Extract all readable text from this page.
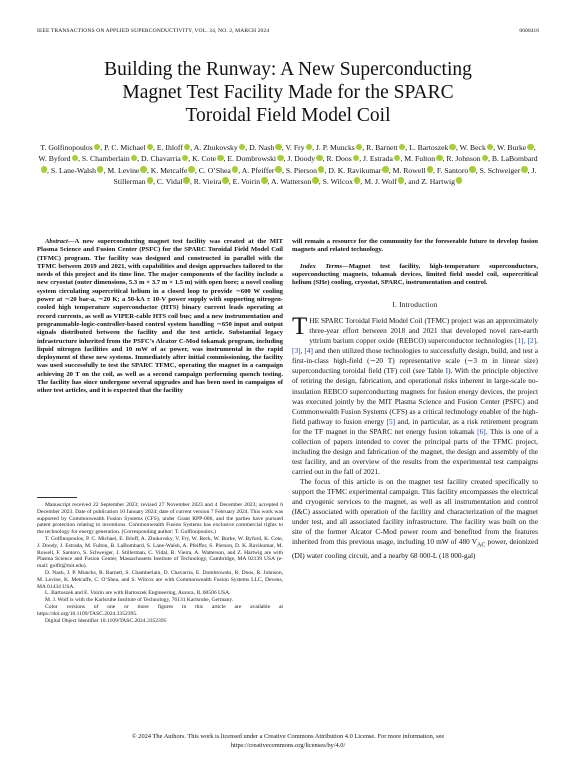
IEEE TRANSACTIONS ON APPLIED SUPERCONDUCTIVITY, VOL. 34, NO. 2, MARCH 2024	0600416
Building the Runway: A New Superconducting
Magnet Test Facility Made for the SPARC
Toroidal Field Model Coil
T. Golfinopoulos , P. C. Michael , E. Ihloff , A. Zhukovsky , D. Nash , V. Fry , J. P. Muncks , R. Barnett , L. Bartoszek , W. Beck , W. Burke , W. Byford , S. Chamberlain , D. Chavarria , K. Cote , E. Dombrowski , J. Doody , R. Doos , J. Estrada , M. Fulton , R. Johnson , B. LaBombard, S. Lane-Walsh , M. Levine , K. Metcalfe , C. O’Shea , A. Pfeiffer , S. Pierson , D. K. Ravikumar , M. Rowell , F. Santoro , S. Schweiger , J. Stillerman , C. Vidal , R. Vieira , E. Voirin , A. Watterson , S. Wilcox , M. J. Wolf , and Z. Hartwig

Abstract—A new superconducting magnet test facility was created at the MIT Plasma Science and Fusion Center (PSFC) for the SPARC Toroidal Field Model Coil (TFMC) program. The facility was designed and constructed in parallel with the TFMC between 2019 and 2021, with capabilities and design approaches tailored to the needs of this project and its time line. The major components of the facility include a new cryostat (outer dimensions, 5.3 m × 3.7 m × 1.5 m) with open bore; a novel cooling system circulating supercritical helium in a closed loop to provide ∼600 W cooling power at ∼20 bar-a, ∼20 K; a 50-kA ± 10-V power supply with supporting nitrogen-cooled high temperature superconductor (HTS) binary current leads operating at record currents, as well as VIPER-cable HTS coil bus; and a new instrumentation and programmable-logic-controller-based control system handling ∼650 input and output signals distributed between the facility and the test article. Substantial legacy infrastructure inherited from the PSFC’s Alcator C-Mod tokamak program, including liquid nitrogen facilities and 10 mW of ac power, was instrumental in the rapid deployment of these new systems. Immediately after initial commissioning, the facility was used successfully to test the SPARC TFMC, operating the magnet in a campaign achieving 20 T on the coil, as well as a second campaign performing quench testing. The facility has since undergone several upgrades and has been used in campaigns of other test articles, and it is expected that the facility

Manuscript received 22 September 2023; revised 27 November 2023 and 4 December 2023; accepted 6 December 2023. Date of publication 10 January 2024; date of current version 7 February 2024. This work was supported by Commonwealth Fusion Systems (CFS), under Grant RPP-006, and the parties have pursued patent protection relating to inventions. Commonwealth Fusion Systems has exclusive commercial rights to the technology for energy generation. (Corresponding author: T. Golfinopoulos.)

T. Golfinopoulos, P. C. Michael, E. Ihloff, A. Zhukovsky, V. Fry, W. Beck, W. Burke, W. Byford, K. Cote, J. Doody, J. Estrada, M. Fulton, B. LaBombard, S. Lane-Walsh, A. Pfeiffer, S. Pierson, D. K. Ravikumar, M. Rowell, F. Santoro, S. Schweiger, J. Stillerman, C. Vidal, R. Vieira, A. Watterson, and Z. Hartwig are with Plasma Science and Fusion Center, Massachusetts Institute of Technology, Cambridge, MA 02139 USA (e-mail: golfit@mit.edu).

D. Nash, J. P. Muncks, R. Barnett, S. Chamberlain, D. Chavarria, E. Dombrowski, R. Doos, R. Johnson, M. Levine, K. Metcalfe, C. O’Shea, and S. Wilcox are with Commonwealth Fusion Systems LLC, Devens, MA 01434 USA.

L. Bartoszek and E. Voirin are with Bartoszek Engineering, Aurora, IL 60506 USA.

M. J. Wolf is with the Karlsruhe Institute of Technology, 76131 Karlsruhe, Germany.

Color versions of one or more figures in this article are available at https://doi.org/10.1109/TASC.2024.3352395.

Digital Object Identifier 10.1109/TASC.2024.3352395

will remain a resource for the community for the foreseeable future to develop fusion magnets and related technology.

Index Terms—Magnet test facility, high-temperature superconductors, superconducting magnets, tokamak devices, limited field model coil, supercritical helium (SHe) cooling, cryostat, SPARC, instrumentation and control.

I. Introduction

THE SPARC Toroidal Field Model Coil (TFMC) project was an approximately three-year effort between 2018 and 2021 that developed novel rare-earth yttrium barium copper oxide (REBCO) superconductor technologies [1], [2], [3], [4] and then utilized those technologies to successfully design, build, and test a first-in-class high-field (∼20 T) representative scale (∼3 m in linear size) superconducting toroidal field (TF) coil (see Table I). With the principle objective of retiring the design, fabrication, and operational risks inherent in large-scale no-insulation REBCO superconducting magnets for fusion energy devices, the project was executed jointly by the MIT Plasma Science and Fusion Center (PSFC) and Commonwealth Fusion Systems (CFS) as a critical technology enabler of the high-field pathway to fusion energy [5] and, in particular, as a risk retirement program for the TF magnet in the SPARC net energy fusion tokamak [6]. This is one of a collection of papers intended to cover the principal parts of the TFMC project, including the design and fabrication of the magnet, the design and assembly of the test facility, and an overview of the results from the experimental test campaigns carried out in the fall of 2021.

The focus of this article is on the magnet test facility created specifically to support the TFMC experimental campaign. This facility encompasses the electrical and cryogenic services to the magnet, as well as all instrumentation and control (I&C) associated with operation of the facility and characterization of the magnet under test, and all associated facility infrastructure. The facility was built on the site of the former Alcator C-Mod power room and benefited from the features inherited from this previous usage, including 10 mW of 480 $V_{AC}$ power, deionized (DI) water cooling circuit, and a nearby 68 000-L (18 000-gal)

© 2024 The Authors. This work is licensed under a Creative Commons Attribution 4.0 License. For more information, see
https://creativecommons.org/licenses/by/4.0/
